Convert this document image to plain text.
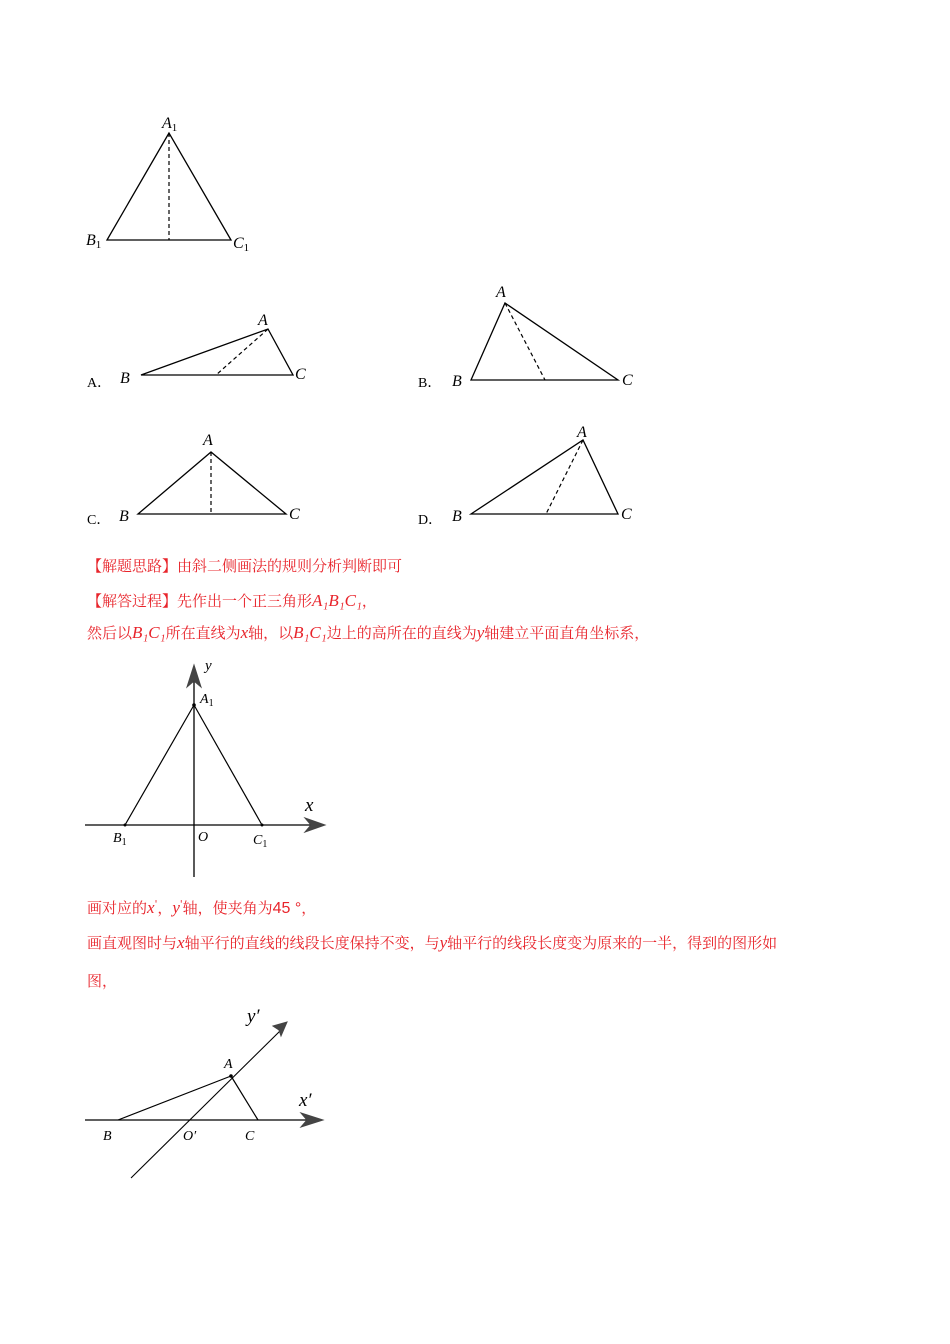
A1
B1	C1
A． B	C
A
B． B	C
A
C． B	C
A
D． B	C
A
【解题思路】由斜二侧画法的规则分析判断即可
【解答过程】先作出一个正三角形A₁B₁C₁，
然后以B₁C₁所在直线为x轴，以B₁C₁边上的高所在的直线为y轴建立平面直角坐标系，
y
x
$A_1$
O
$B_1$	$C_1$
画对应的x'，y'轴，使夹角为45 °，
画直观图时与x轴平行的直线的线段长度保持不变，与y轴平行的线段长度变为原来的一半，得到的图形如
图，
y′
x′
A
B	O′	C
